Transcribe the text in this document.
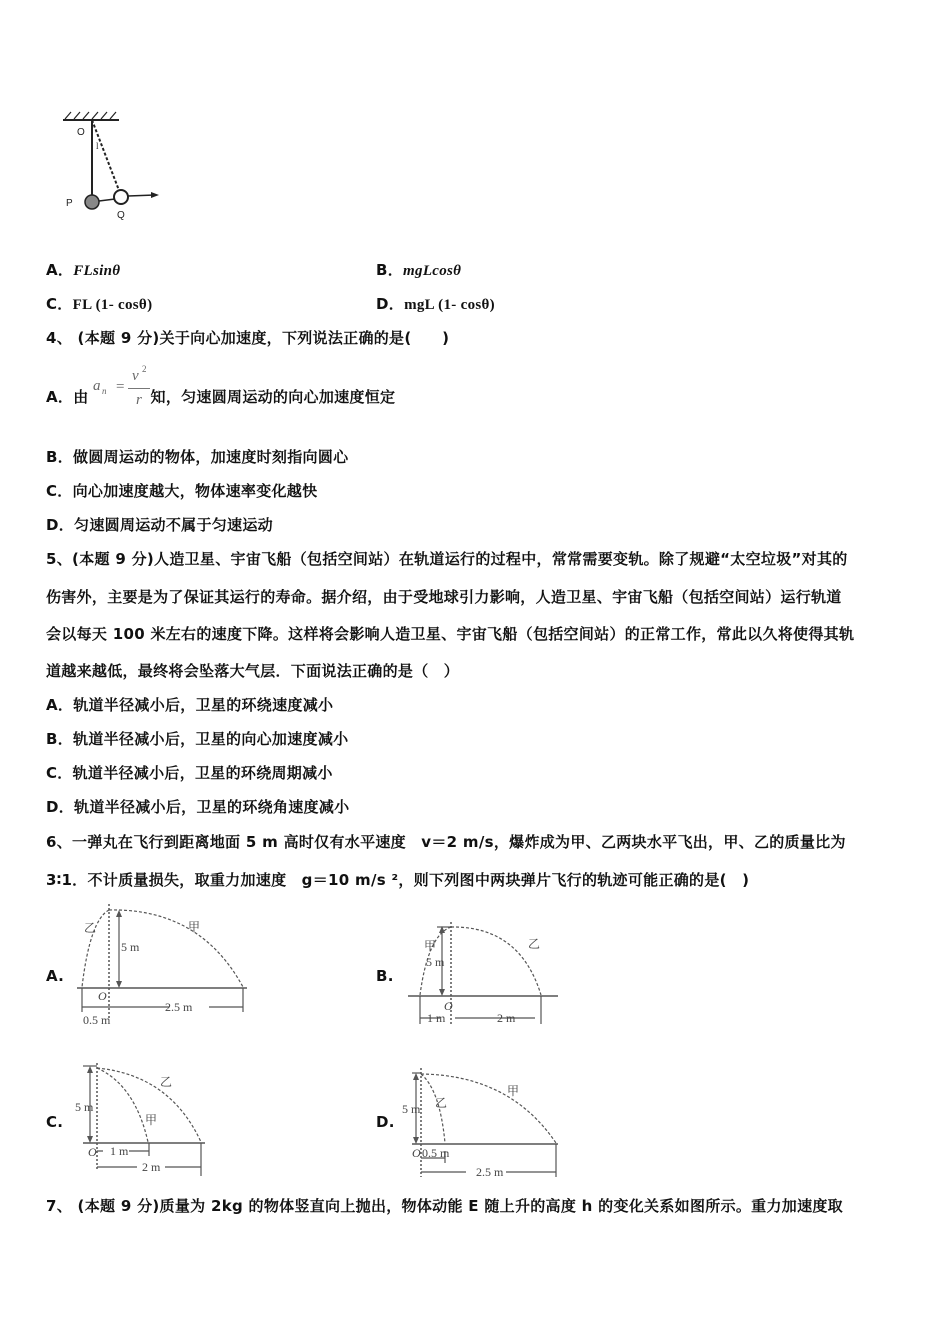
O
l
P
Q
A．FLsinθ	B．mgLcosθ
C．FL (1- cosθ)	D．mgL (1- cosθ)
4、 (本题 9 分)关于向心加速度，下列说法正确的是(　　)
A．由	知，匀速圆周运动的向心加速度恒定
a n =
v 2
r
B．做圆周运动的物体，加速度时刻指向圆心
C．向心加速度越大，物体速率变化越快
D．匀速圆周运动不属于匀速运动
5、(本题 9 分)人造卫星、宇宙飞船（包括空间站）在轨道运行的过程中，常常需要变轨。除了规避“太空垃圾”对其的
伤害外，主要是为了保证其运行的寿命。据介绍，由于受地球引力影响，人造卫星、宇宙飞船（包括空间站）运行轨道
会以每天 100 米左右的速度下降。这样将会影响人造卫星、宇宙飞船（包括空间站）的正常工作，常此以久将使得其轨
道越来越低，最终将会坠落大气层．下面说法正确的是（　）
A．轨道半径减小后，卫星的环绕速度减小
B．轨道半径减小后，卫星的向心加速度减小
C．轨道半径减小后，卫星的环绕周期减小
D．轨道半径减小后，卫星的环绕角速度减小
6、一弹丸在飞行到距离地面 5 m 高时仅有水平速度　v＝2 m/s，爆炸成为甲、乙两块水平飞出，甲、乙的质量比为
3∶1．不计质量损失，取重力加速度　g＝10 m/s ²，则下列图中两块弹片飞行的轨迹可能正确的是(　)
A.	B.
C.	D.
5 m
O
0.5 m
2.5 m
乙	甲
5 m
O
1 m	2 m
甲	乙
5 m
O 1 m
2 m
甲
乙
5 m
O 0.5 m
2.5 m
乙
甲
7、 (本题 9 分)质量为 2kg 的物体竖直向上抛出，物体动能 E 随上升的高度 h 的变化关系如图所示。重力加速度取
